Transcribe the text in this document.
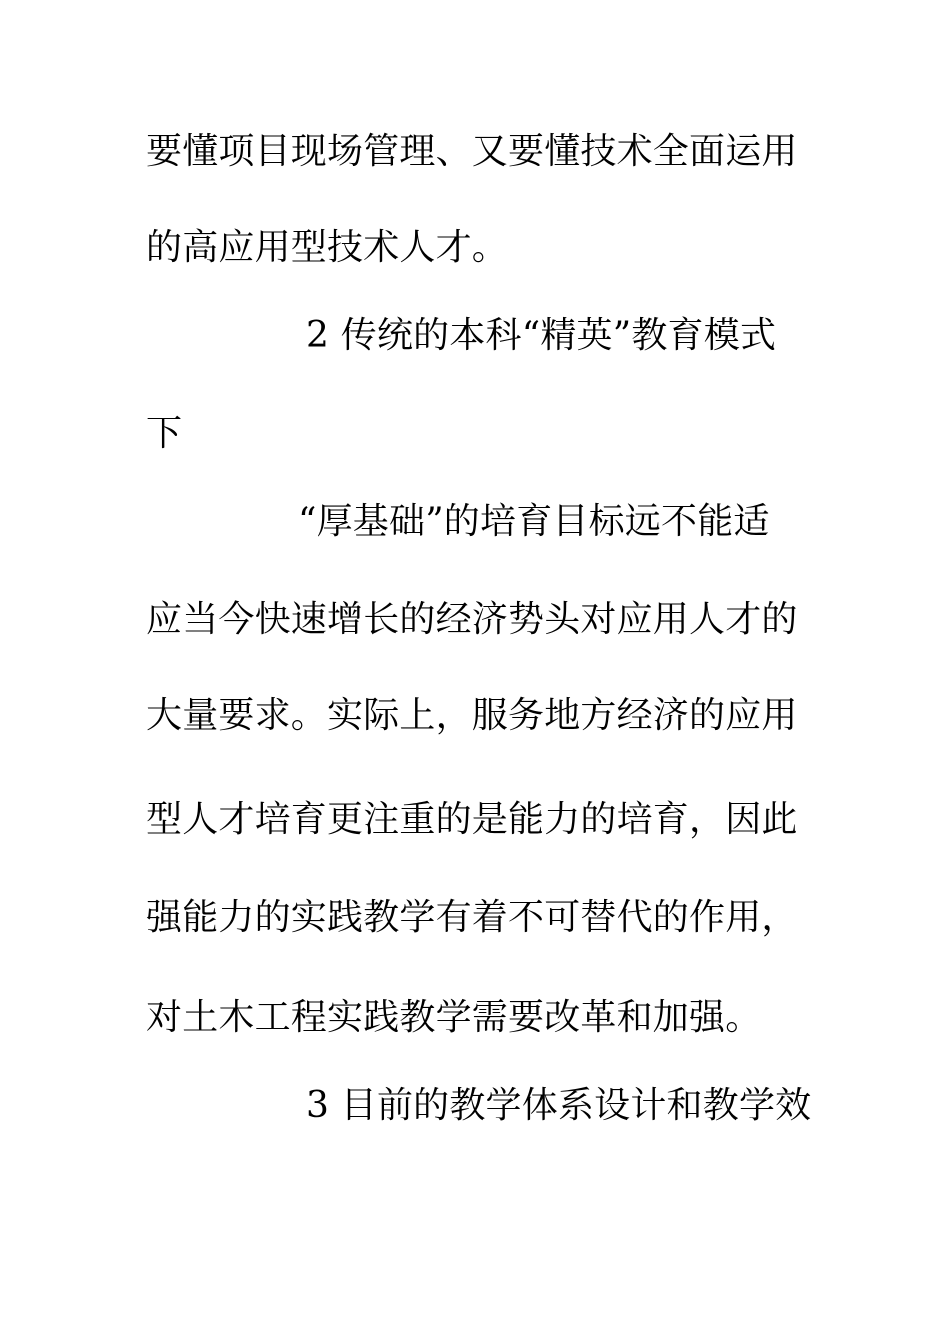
要懂项目现场管理、又要懂技术全面运用
的高应用型技术人才。
2 传统的本科“精英”教育模式
下
“厚基础”的培育目标远不能适
应当今快速增长的经济势头对应用人才的
大量要求。实际上，服务地方经济的应用
型人才培育更注重的是能力的培育，因此
强能力的实践教学有着不可替代的作用，
对土木工程实践教学需要改革和加强。
3 目前的教学体系设计和教学效
